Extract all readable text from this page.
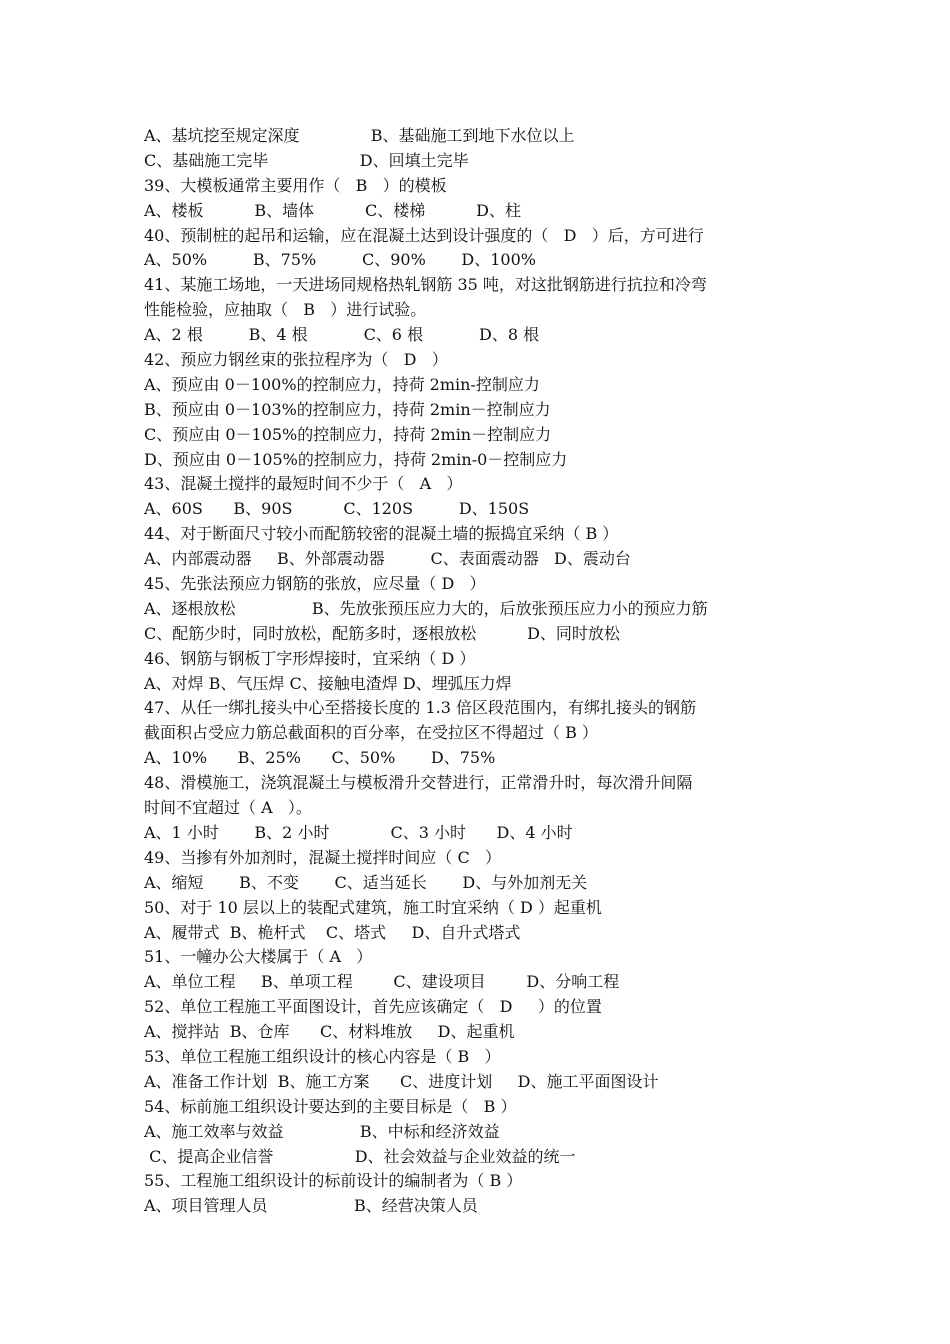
A、基坑挖至规定深度              B、基础施工到地下水位以上
C、基础施工完毕                  D、回填土完毕
39、大模板通常主要用作（   B   ）的模板
A、楼板          B、墙体          C、楼梯          D、柱
40、预制桩的起吊和运输，应在混凝土达到设计强度的（   D   ）后，方可进行
A、50%         B、75%         C、90%       D、100%
41、某施工场地，一天进场同规格热轧钢筋 35 吨，对这批钢筋进行抗拉和冷弯
性能检验，应抽取（   B   ）进行试验。
A、2 根         B、4 根           C、6 根           D、8 根
42、预应力钢丝束的张拉程序为（   D   ）
A、预应由 0－100%的控制应力，持荷 2min-控制应力
B、预应由 0－103%的控制应力，持荷 2min－控制应力
C、预应由 0－105%的控制应力，持荷 2min－控制应力
D、预应由 0－105%的控制应力，持荷 2min-0－控制应力
43、混凝土搅拌的最短时间不少于（   A   ）
A、60S      B、90S          C、120S         D、150S
44、对于断面尺寸较小而配筋较密的混凝土墙的振捣宜采纳（ B ）
A、内部震动器     B、外部震动器         C、表面震动器   D、震动台
45、先张法预应力钢筋的张放，应尽量（ D   ）
A、逐根放松               B、先放张预压应力大的，后放张预压应力小的预应力筋
C、配筋少时，同时放松，配筋多时，逐根放松          D、同时放松
46、钢筋与钢板丁字形焊接时，宜采纳（ D ）
A、对焊 B、气压焊 C、接触电渣焊 D、埋弧压力焊
47、从任一绑扎接头中心至搭接长度的 1.3 倍区段范围内，有绑扎接头的钢筋
截面积占受应力筋总截面积的百分率，在受拉区不得超过（ B ）
A、10%      B、25%      C、50%       D、75%
48、滑模施工，浇筑混凝土与模板滑升交替进行，正常滑升时，每次滑升间隔
时间不宜超过（ A   ）。
A、1 小时       B、2 小时            C、3 小时      D、4 小时
49、当掺有外加剂时，混凝土搅拌时间应（ C   ）
A、缩短       B、不变       C、适当延长       D、与外加剂无关
50、对于 10 层以上的装配式建筑，施工时宜采纳（ D ）起重机
A、履带式  B、桅杆式    C、塔式     D、自升式塔式
51、一幢办公大楼属于（ A   ）
A、单位工程     B、单项工程        C、建设项目        D、分响工程
52、单位工程施工平面图设计，首先应该确定（   D     ）的位置
A、搅拌站  B、仓库      C、材料堆放     D、起重机
53、单位工程施工组织设计的核心内容是（ B   ）
A、准备工作计划  B、施工方案      C、进度计划     D、施工平面图设计
54、标前施工组织设计要达到的主要目标是（   B ）
A、施工效率与效益               B、中标和经济效益
C、提高企业信誉                D、社会效益与企业效益的统一
55、工程施工组织设计的标前设计的编制者为（ B ）
A、项目管理人员                 B、经营决策人员
